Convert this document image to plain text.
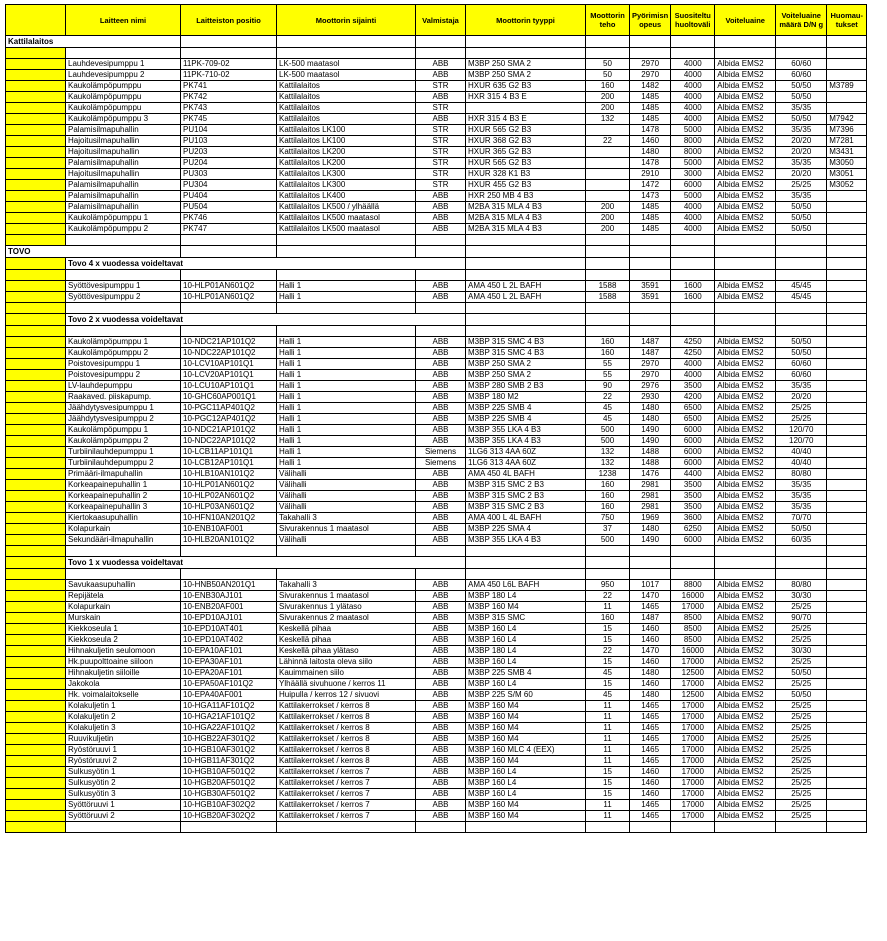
	Laitteen nimi	Laitteiston positio	Moottorin sijainti	Valmistaja	Moottorin tyyppi	Moottorin teho	Pyörimisn opeus	Suositeltu huoltoväli	Voiteluaine	Voiteluaine määrä D/N g	Huomau-tukset
Kattilalaitos											

	Lauhdevesipumppu 1	11PK-709-02	LK-500 maatasol	ABB	M3BP 250 SMA 2	50	2970	4000	Albida EMS2	60/60	
	Lauhdevesipumppu 2	11PK-710-02	LK-500 maatasol	ABB	M3BP 250 SMA 2	50	2970	4000	Albida EMS2	60/60	
	Kaukolämpöpumppu	PK741	Kattilalaitos	STR	HXUR 635 G2 B3	160	1482	4000	Albida EMS2	50/50	M3789
	Kaukolämpöpumppu	PK742	Kattilalaitos	ABB	HXR 315 4 B3 E	200	1485	4000	Albida EMS2	50/50	
	Kaukolämpöpumppu	PK743	Kattilalaitos	STR		200	1485	4000	Albida EMS2	35/35	
	Kaukolämpöpumppu 3	PK745	Kattilalaitos	ABB	HXR 315 4 B3 E	132	1485	4000	Albida EMS2	50/50	M7942
	Palamisilmapuhallin	PU104	Kattilalaitos LK100	STR	HXUR 565 G2 B3		1478	5000	Albida EMS2	35/35	M7396
	Hajoitusilmapuhallin	PU103	Kattilalaitos LK100	STR	HXUR 368 G2 B3	22	1460	8000	Albida EMS2	20/20	M7281
	Hajoitusilmapuhallin	PU203	Kattilalaitos LK200	STR	HXUR 365 G2 B3		1480	8000	Albida EMS2	20/20	M3431
	Palamisilmapuhallin	PU204	Kattilalaitos LK200	STR	HXUR 565 G2 B3		1478	5000	Albida EMS2	35/35	M3050
	Hajoitusilmapuhallin	PU303	Kattilalaitos LK300	STR	HXUR 328 K1 B3		2910	3000	Albida EMS2	20/20	M3051
	Palamisilmapuhallin	PU304	Kattilalaitos LK300	STR	HXUR 455 G2 B3		1472	6000	Albida EMS2	25/25	M3052
	Palamisilmapuhallin	PU404	Kattilalaitos LK400	ABB	HXR 250 MB 4 B3		1473	5000	Albida EMS2	35/35	
	Palamisilmapuhallin	PU504	Kattilalaitos LK500 / ylhäällä	ABB	M2BA 315 MLA 4 B3	200	1485	4000	Albida EMS2	50/50	
	Kaukolämpöpumppu 1	PK746	Kattilalaitos LK500 maatasol	ABB	M2BA 315 MLA 4 B3	200	1485	4000	Albida EMS2	50/50	
	Kaukolämpöpumppu 2	PK747	Kattilalaitos LK500 maatasol	ABB	M2BA 315 MLA 4 B3	200	1485	4000	Albida EMS2	50/50	

TOVO											
	Tovo 4 x vuodessa voideltavat										

	Syöttövesipumppu 1	10-HLP01AN601Q2	Halli 1	ABB	AMA 450 L 2L BAFH	1588	3591	1600	Albida EMS2	45/45	
	Syöttövesipumppu 2	10-HLP01AN601Q2	Halli 1	ABB	AMA 450 L 2L BAFH	1588	3591	1600	Albida EMS2	45/45	

	Tovo 2 x vuodessa voideltavat										

	Kaukolämpöpumppu 1	10-NDC21AP101Q2	Halli 1	ABB	M3BP 315 SMC 4 B3	160	1487	4250	Albida EMS2	50/50	
	Kaukolämpöpumppu 2	10-NDC22AP101Q2	Halli 1	ABB	M3BP 315 SMC 4 B3	160	1487	4250	Albida EMS2	50/50	
	Poistovesipumppu 1	10-LCV10AP101Q1	Halli 1	ABB	M3BP 250 SMA 2	55	2970	4000	Albida EMS2	60/60	
	Poistovesipumppu 2	10-LCV20AP101Q1	Halli 1	ABB	M3BP 250 SMA 2	55	2970	4000	Albida EMS2	60/60	
	LV-lauhdepumppu	10-LCU10AP101Q1	Halli 1	ABB	M3BP 280 SMB 2 B3	90	2976	3500	Albida EMS2	35/35	
	Raakaved. piiskapump.	10-GHC60AP001Q1	Halli 1	ABB	M3BP 180 M2	22	2930	4200	Albida EMS2	20/20	
	Jäähdytysvesipumppu 1	10-PGC11AP401Q2	Halli 1	ABB	M3BP 225 SMB 4	45	1480	6500	Albida EMS2	25/25	
	Jäähdytysvesipumppu 2	10-PGC12AP401Q2	Halli 1	ABB	M3BP 225 SMB 4	45	1480	6500	Albida EMS2	25/25	
	Kaukolämpöpumppu 1	10-NDC21AP101Q2	Halli 1	ABB	M3BP 355 LKA 4 B3	500	1490	6000	Albida EMS2	120/70	
	Kaukolämpöpumppu 2	10-NDC22AP101Q2	Halli 1	ABB	M3BP 355 LKA 4 B3	500	1490	6000	Albida EMS2	120/70	
	Turbiinilauhdepumppu 1	10-LCB11AP101Q1	Halli 1	Siemens	1LG6 313 4AA 60Z	132	1488	6000	Albida EMS2	40/40	
	Turbiinilauhdepumppu 2	10-LCB12AP101Q1	Halli 1	Siemens	1LG6 313 4AA 60Z	132	1488	6000	Albida EMS2	40/40	
	Primääri-ilmapuhallin	10-HLB10AN101Q2	Välihalli	ABB	AMA 450 4L BAFH	1238	1476	4400	Albida EMS2	80/80	
	Korkeapainepuhallin 1	10-HLP01AN601Q2	Välihalli	ABB	M3BP 315 SMC 2 B3	160	2981	3500	Albida EMS2	35/35	
	Korkeapainepuhallin 2	10-HLP02AN601Q2	Välihalli	ABB	M3BP 315 SMC 2 B3	160	2981	3500	Albida EMS2	35/35	
	Korkeapainepuhallin 3	10-HLP03AN601Q2	Välihalli	ABB	M3BP 315 SMC 2 B3	160	2981	3500	Albida EMS2	35/35	
	Kiertokaasupuhallin	10-HFN10AN201Q2	Takahalli 3	ABB	AMA 400 L 4L BAFH	750	1969	3600	Albida EMS2	70/70	
	Kolapurkain	10-ENB10AF001	Sivurakennus 1 maatasol	ABB	M3BP 225 SMA 4	37	1480	6250	Albida EMS2	50/50	
	Sekundääri-ilmapuhallin	10-HLB20AN101Q2	Välihalli	ABB	M3BP 355 LKA 4 B3	500	1490	6000	Albida EMS2	60/35	

	Tovo 1 x vuodessa voideltavat										

	Savukaasupuhallin	10-HNB50AN201Q1	Takahalli 3	ABB	AMA 450 L6L BAFH	950	1017	8800	Albida EMS2	80/80	
	Repijätela	10-ENB30AJ101	Sivurakennus 1 maatasol	ABB	M3BP 180 L4	22	1470	16000	Albida EMS2	30/30	
	Kolapurkain	10-ENB20AF001	Sivurakennus 1 ylätaso	ABB	M3BP 160 M4	11	1465	17000	Albida EMS2	25/25	
	Murskain	10-EPD10AJ101	Sivurakennus 2 maatasol	ABB	M3BP 315 SMC	160	1487	8500	Albida EMS2	90/70	
	Kiekkoseula 1	10-EPD10AT401	Keskellä pihaa	ABB	M3BP 160 L4	15	1460	8500	Albida EMS2	25/25	
	Kiekkoseula 2	10-EPD10AT402	Keskellä pihaa	ABB	M3BP 160 L4	15	1460	8500	Albida EMS2	25/25	
	Hihnakuljetin seulomoon	10-EPA10AF101	Keskellä pihaa ylätaso	ABB	M3BP 180 L4	22	1470	16000	Albida EMS2	30/30	
	Hk.puupolttoaine siiloon	10-EPA30AF101	Lähinnä laitosta oleva siilo	ABB	M3BP 160 L4	15	1460	17000	Albida EMS2	25/25	
	Hihnakuljetin siiloille	10-EPA20AF101	Kauimmainen siilo	ABB	M3BP 225 SMB 4	45	1480	12500	Albida EMS2	50/50	
	Jakokola	10-EPA50AF101Q2	Ylhäällä sivuhuone / kerros 11	ABB	M3BP 160 L4	15	1460	17000	Albida EMS2	25/25	
	Hk. voimalaitokselle	10-EPA40AF001	Huipulla / kerros 12 / sivuovi	ABB	M3BP 225 S/M 60	45	1480	12500	Albida EMS2	50/50	
	Kolakuljetin 1	10-HGA11AF101Q2	Kattilakerrokset / kerros 8	ABB	M3BP 160 M4	11	1465	17000	Albida EMS2	25/25	
	Kolakuljetin 2	10-HGA21AF101Q2	Kattilakerrokset / kerros 8	ABB	M3BP 160 M4	11	1465	17000	Albida EMS2	25/25	
	Kolakuljetin 3	10-HGA22AF101Q2	Kattilakerrokset / kerros 8	ABB	M3BP 160 M4	11	1465	17000	Albida EMS2	25/25	
	Ruuvikuljetin	10-HGB22AF301Q2	Kattilakerrokset / kerros 8	ABB	M3BP 160 M4	11	1465	17000	Albida EMS2	25/25	
	Ryöstöruuvi 1	10-HGB10AF301Q2	Kattilakerrokset / kerros 8	ABB	M3BP 160 MLC 4 (EEX)	11	1465	17000	Albida EMS2	25/25	
	Ryöstöruuvi 2	10-HGB11AF301Q2	Kattilakerrokset / kerros 8	ABB	M3BP 160 M4	11	1465	17000	Albida EMS2	25/25	
	Sulkusyötin 1	10-HGB10AF501Q2	Kattilakerrokset / kerros 7	ABB	M3BP 160 L4	15	1460	17000	Albida EMS2	25/25	
	Sulkusyötin 2	10-HGB20AF501Q2	Kattilakerrokset / kerros 7	ABB	M3BP 160 L4	15	1460	17000	Albida EMS2	25/25	
	Sulkusyötin 3	10-HGB30AF501Q2	Kattilakerrokset / kerros 7	ABB	M3BP 160 L4	15	1460	17000	Albida EMS2	25/25	
	Syöttöruuvi 1	10-HGB10AF302Q2	Kattilakerrokset / kerros 7	ABB	M3BP 160 M4	11	1465	17000	Albida EMS2	25/25	
	Syöttöruuvi 2	10-HGB20AF302Q2	Kattilakerrokset / kerros 7	ABB	M3BP 160 M4	11	1465	17000	Albida EMS2	25/25	
